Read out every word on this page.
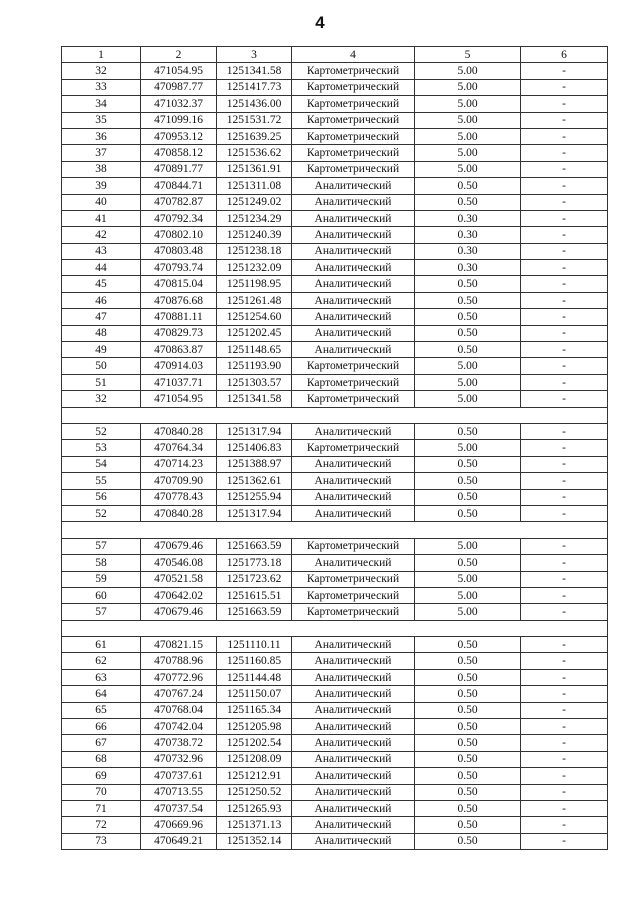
4
1	2	3	4	5	6
32	471054.95	1251341.58	Картометрический	5.00	-
33	470987.77	1251417.73	Картометрический	5.00	-
34	471032.37	1251436.00	Картометрический	5.00	-
35	471099.16	1251531.72	Картометрический	5.00	-
36	470953.12	1251639.25	Картометрический	5.00	-
37	470858.12	1251536.62	Картометрический	5.00	-
38	470891.77	1251361.91	Картометрический	5.00	-
39	470844.71	1251311.08	Аналитический	0.50	-
40	470782.87	1251249.02	Аналитический	0.50	-
41	470792.34	1251234.29	Аналитический	0.30	-
42	470802.10	1251240.39	Аналитический	0.30	-
43	470803.48	1251238.18	Аналитический	0.30	-
44	470793.74	1251232.09	Аналитический	0.30	-
45	470815.04	1251198.95	Аналитический	0.50	-
46	470876.68	1251261.48	Аналитический	0.50	-
47	470881.11	1251254.60	Аналитический	0.50	-
48	470829.73	1251202.45	Аналитический	0.50	-
49	470863.87	1251148.65	Аналитический	0.50	-
50	470914.03	1251193.90	Картометрический	5.00	-
51	471037.71	1251303.57	Картометрический	5.00	-
32	471054.95	1251341.58	Картометрический	5.00	-

52	470840.28	1251317.94	Аналитический	0.50	-
53	470764.34	1251406.83	Картометрический	5.00	-
54	470714.23	1251388.97	Аналитический	0.50	-
55	470709.90	1251362.61	Аналитический	0.50	-
56	470778.43	1251255.94	Аналитический	0.50	-
52	470840.28	1251317.94	Аналитический	0.50	-

57	470679.46	1251663.59	Картометрический	5.00	-
58	470546.08	1251773.18	Аналитический	0.50	-
59	470521.58	1251723.62	Картометрический	5.00	-
60	470642.02	1251615.51	Картометрический	5.00	-
57	470679.46	1251663.59	Картометрический	5.00	-

61	470821.15	1251110.11	Аналитический	0.50	-
62	470788.96	1251160.85	Аналитический	0.50	-
63	470772.96	1251144.48	Аналитический	0.50	-
64	470767.24	1251150.07	Аналитический	0.50	-
65	470768.04	1251165.34	Аналитический	0.50	-
66	470742.04	1251205.98	Аналитический	0.50	-
67	470738.72	1251202.54	Аналитический	0.50	-
68	470732.96	1251208.09	Аналитический	0.50	-
69	470737.61	1251212.91	Аналитический	0.50	-
70	470713.55	1251250.52	Аналитический	0.50	-
71	470737.54	1251265.93	Аналитический	0.50	-
72	470669.96	1251371.13	Аналитический	0.50	-
73	470649.21	1251352.14	Аналитический	0.50	-
